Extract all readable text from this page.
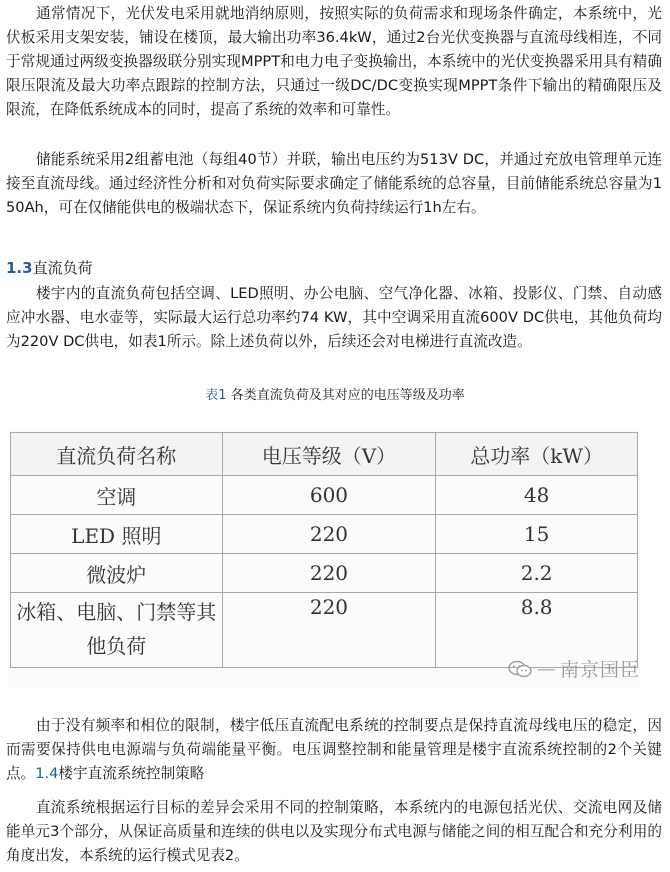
通常情况下，光伏发电采用就地消纳原则，按照实际的负荷需求和现场条件确定，本系统中，光伏板采用支架安装，铺设在楼顶，最大输出功率36.4kW，通过2台光伏变换器与直流母线相连，不同于常规通过两级变换器级联分别实现MPPT和电力电子变换输出，本系统中的光伏变换器采用具有精确限压限流及最大功率点跟踪的控制方法，只通过一级DC/DC变换实现MPPT条件下输出的精确限压及限流，在降低系统成本的同时，提高了系统的效率和可靠性。

储能系统采用2组蓄电池（每组40节）并联，输出电压约为513V DC，并通过充放电管理单元连接至直流母线。通过经济性分析和对负荷实际要求确定了储能系统的总容量，目前储能系统总容量为150Ah，可在仅储能供电的极端状态下，保证系统内负荷持续运行1h左右。

1.3直流负荷

楼宇内的直流负荷包括空调、LED照明、办公电脑、空气净化器、冰箱、投影仪、门禁、自动感应冲水器、电水壶等，实际最大运行总功率约74 KW，其中空调采用直流600V DC供电，其他负荷均为220V DC供电，如表1所示。除上述负荷以外，后续还会对电梯进行直流改造。

表1 各类直流负荷及其对应的电压等级及功率

直流负荷名称	电压等级（V）	总功率（kW）
空调	600	48
LED 照明	220	15
微波炉	220	2.2
冰箱、电脑、门禁等其他负荷	220	8.8
— 南京国臣

由于没有频率和相位的限制，楼宇低压直流配电系统的控制要点是保持直流母线电压的稳定，因而需要保持供电电源端与负荷端能量平衡。电压调整控制和能量管理是楼宇直流系统控制的2个关键点。1.4楼宇直流系统控制策略

直流系统根据运行目标的差异会采用不同的控制策略，本系统内的电源包括光伏、交流电网及储能单元3个部分，从保证高质量和连续的供电以及实现分布式电源与储能之间的相互配合和充分利用的角度出发，本系统的运行模式见表2。
